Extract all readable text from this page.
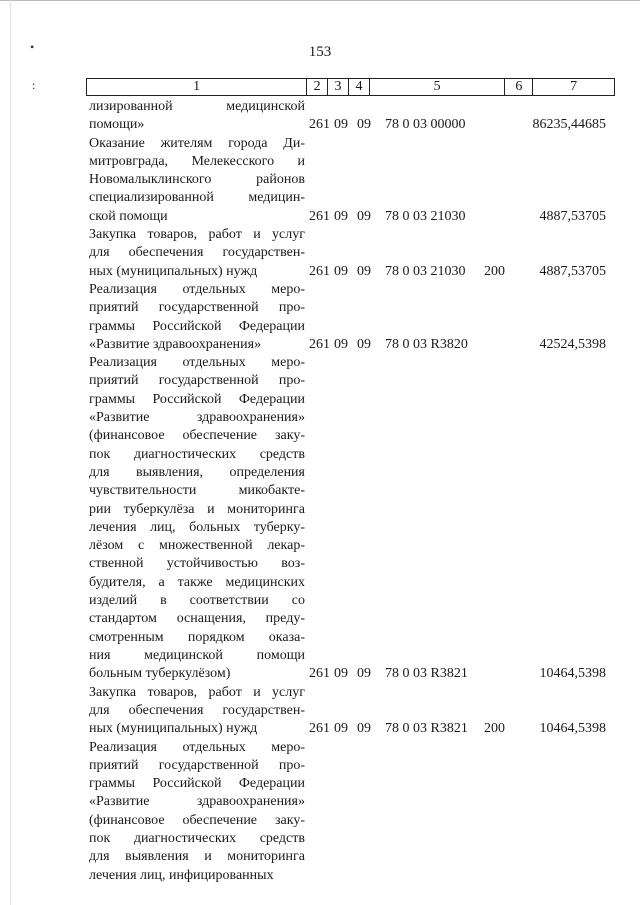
•
:
153
1	2 3 4	5	6	7
лизированной медицинской
помощи»	261 09 09 78 0 03 00000	86235,44685
Оказание жителям города Ди-
митровграда, Мелекесского и
Новомалыклинского районов
специализированной медицин-
ской помощи	261 09 09 78 0 03 21030	4887,53705
Закупка товаров, работ и услуг
для обеспечения государствен-
ных (муниципальных) нужд	261 09 09 78 0 03 21030 200	4887,53705
Реализация отдельных меро-
приятий государственной про-
граммы Российской Федерации
«Развитие здравоохранения»	261 09 09 78 0 03 R3820	42524,5398
Реализация отдельных меро-
приятий государственной про-
граммы Российской Федерации
«Развитие здравоохранения»
(финансовое обеспечение заку-
пок диагностических средств
для выявления, определения
чувствительности микобакте-
рии туберкулёза и мониторинга
лечения лиц, больных туберку-
лёзом с множественной лекар-
ственной устойчивостью воз-
будителя, а также медицинских
изделий в соответствии со
стандартом оснащения, преду-
смотренным порядком оказа-
ния медицинской помощи
больным туберкулёзом)	261 09 09 78 0 03 R3821	10464,5398
Закупка товаров, работ и услуг
для обеспечения государствен-
ных (муниципальных) нужд	261 09 09 78 0 03 R3821 200	10464,5398
Реализация отдельных меро-
приятий государственной про-
граммы Российской Федерации
«Развитие здравоохранения»
(финансовое обеспечение заку-
пок диагностических средств
для выявления и мониторинга
лечения лиц, инфицированных
